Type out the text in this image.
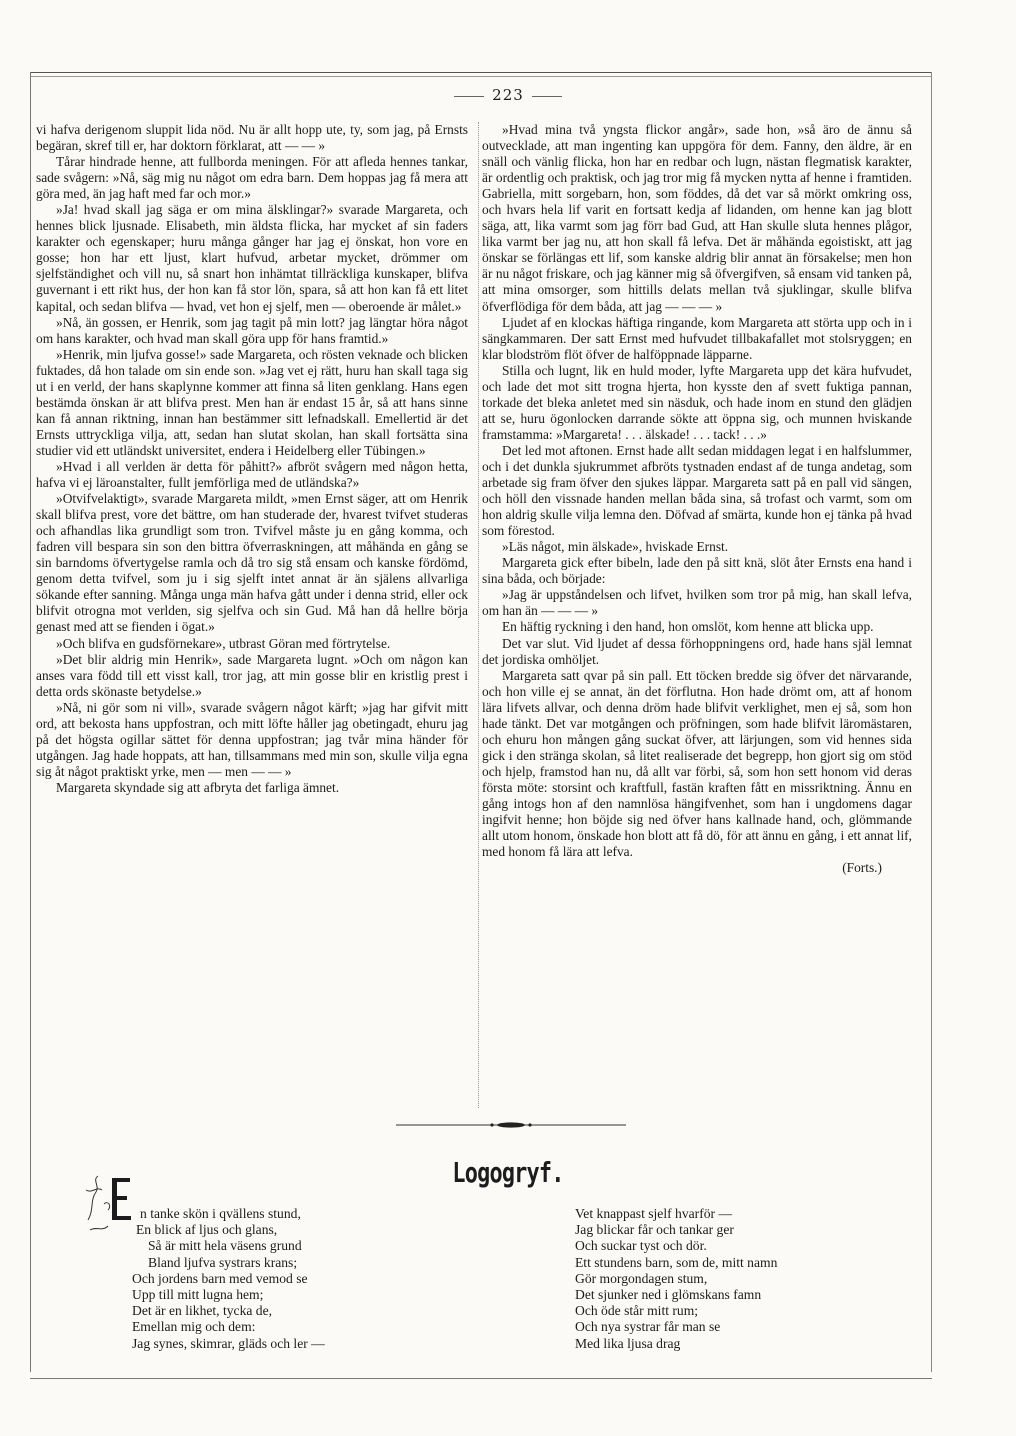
223

vi hafva derigenom sluppit lida nöd. Nu är allt hopp ute, ty, som jag, på Ernsts begäran, skref till er, har doktorn förklarat, att — — »

Tårar hindrade henne, att fullborda meningen. För att afleda hennes tankar, sade svågern: »Nå, säg mig nu något om edra barn. Dem hoppas jag få mera att göra med, än jag haft med far och mor.»

»Ja! hvad skall jag säga er om mina älsklingar?» svarade Margareta, och hennes blick ljusnade. Elisabeth, min äldsta flicka, har mycket af sin faders karakter och egenskaper; huru många gånger har jag ej önskat, hon vore en gosse; hon har ett ljust, klart hufvud, arbetar mycket, drömmer om sjelfständighet och vill nu, så snart hon inhämtat tillräckliga kunskaper, blifva guvernant i ett rikt hus, der hon kan få stor lön, spara, så att hon kan få ett litet kapital, och sedan blifva — hvad, vet hon ej sjelf, men — oberoende är målet.»

»Nå, än gossen, er Henrik, som jag tagit på min lott? jag längtar höra något om hans karakter, och hvad man skall göra upp för hans framtid.»

»Henrik, min ljufva gosse!» sade Margareta, och rösten veknade och blicken fuktades, då hon talade om sin ende son. »Jag vet ej rätt, huru han skall taga sig ut i en verld, der hans skaplynne kommer att finna så liten genklang. Hans egen bestämda önskan är att blifva prest. Men han är endast 15 år, så att hans sinne kan få annan riktning, innan han bestämmer sitt lefnadskall. Emellertid är det Ernsts uttryckliga vilja, att, sedan han slutat skolan, han skall fortsätta sina studier vid ett utländskt universitet, endera i Heidelberg eller Tübingen.»

»Hvad i all verlden är detta för påhitt?» afbröt svågern med någon hetta, hafva vi ej läroanstalter, fullt jemförliga med de utländska?»

»Otvifvelaktigt», svarade Margareta mildt, »men Ernst säger, att om Henrik skall blifva prest, vore det bättre, om han studerade der, hvarest tvifvet studeras och afhandlas lika grundligt som tron. Tvifvel måste ju en gång komma, och fadren vill bespara sin son den bittra öfverraskningen, att måhända en gång se sin barndoms öfvertygelse ramla och då tro sig stå ensam och kanske fördömd, genom detta tvifvel, som ju i sig sjelft intet annat är än själens allvarliga sökande efter sanning. Många unga män hafva gått under i denna strid, eller ock blifvit otrogna mot verlden, sig sjelfva och sin Gud. Må han då hellre börja genast med att se fienden i ögat.»

»Och blifva en gudsförnekare», utbrast Göran med förtrytelse.

»Det blir aldrig min Henrik», sade Margareta lugnt. »Och om någon kan anses vara född till ett visst kall, tror jag, att min gosse blir en kristlig prest i detta ords skönaste betydelse.»

»Nå, ni gör som ni vill», svarade svågern något kärft; »jag har gifvit mitt ord, att bekosta hans uppfostran, och mitt löfte håller jag obetingadt, ehuru jag på det högsta ogillar sättet för denna uppfostran; jag tvår mina händer för utgången. Jag hade hoppats, att han, tillsammans med min son, skulle vilja egna sig åt något praktiskt yrke, men — men — — »

Margareta skyndade sig att afbryta det farliga ämnet.

»Hvad mina två yngsta flickor angår», sade hon, »så äro de ännu så outvecklade, att man ingenting kan uppgöra för dem. Fanny, den äldre, är en snäll och vänlig flicka, hon har en redbar och lugn, nästan flegmatisk karakter, är ordentlig och praktisk, och jag tror mig få mycken nytta af henne i framtiden. Gabriella, mitt sorgebarn, hon, som föddes, då det var så mörkt omkring oss, och hvars hela lif varit en fortsatt kedja af lidanden, om henne kan jag blott säga, att, lika varmt som jag förr bad Gud, att Han skulle sluta hennes plågor, lika varmt ber jag nu, att hon skall få lefva. Det är måhända egoistiskt, att jag önskar se förlängas ett lif, som kanske aldrig blir annat än försakelse; men hon är nu något friskare, och jag känner mig så öfvergifven, så ensam vid tanken på, att mina omsorger, som hittills delats mellan två sjuklingar, skulle blifva öfverflödiga för dem båda, att jag — — — »

Ljudet af en klockas häftiga ringande, kom Margareta att störta upp och in i sängkammaren. Der satt Ernst med hufvudet tillbakafallet mot stolsryggen; en klar blodström flöt öfver de halföppnade läpparne.

Stilla och lugnt, lik en huld moder, lyfte Margareta upp det kära hufvudet, och lade det mot sitt trogna hjerta, hon kysste den af svett fuktiga pannan, torkade det bleka anletet med sin näsduk, och hade inom en stund den glädjen att se, huru ögonlocken darrande sökte att öppna sig, och munnen hviskande framstamma: »Margareta! . . . älskade! . . . tack! . . .»

Det led mot aftonen. Ernst hade allt sedan middagen legat i en halfslummer, och i det dunkla sjukrummet afbröts tystnaden endast af de tunga andetag, som arbetade sig fram öfver den sjukes läppar. Margareta satt på en pall vid sängen, och höll den vissnade handen mellan båda sina, så trofast och varmt, som om hon aldrig skulle vilja lemna den. Döfvad af smärta, kunde hon ej tänka på hvad som förestod.

»Läs något, min älskade», hviskade Ernst.

Margareta gick efter bibeln, lade den på sitt knä, slöt åter Ernsts ena hand i sina båda, och började:

»Jag är uppståndelsen och lifvet, hvilken som tror på mig, han skall lefva, om han än — — — »

En häftig ryckning i den hand, hon omslöt, kom henne att blicka upp.

Det var slut. Vid ljudet af dessa förhoppningens ord, hade hans själ lemnat det jordiska omhöljet.

Margareta satt qvar på sin pall. Ett töcken bredde sig öfver det närvarande, och hon ville ej se annat, än det förflutna. Hon hade drömt om, att af honom lära lifvets allvar, och denna dröm hade blifvit verklighet, men ej så, som hon hade tänkt. Det var motgången och pröfningen, som hade blifvit läromästaren, och ehuru hon mången gång suckat öfver, att lärjungen, som vid hennes sida gick i den stränga skolan, så litet realiserade det begrepp, hon gjort sig om stöd och hjelp, framstod han nu, då allt var förbi, så, som hon sett honom vid deras första möte: storsint och kraftfull, fastän kraften fått en missriktning. Ännu en gång intogs hon af den namnlösa hängifvenhet, som han i ungdomens dagar ingifvit henne; hon böjde sig ned öfver hans kallnade hand, och, glömmande allt utom honom, önskade hon blott att få dö, för att ännu en gång, i ett annat lif, med honom få lära att lefva.

(Forts.)
Logogryf.
n tanke skön i qvällens stund,
En blick af ljus och glans,
Så är mitt hela väsens grund
Bland ljufva systrars krans;
Och jordens barn med vemod se
Upp till mitt lugna hem;
Det är en likhet, tycka de,
Emellan mig och dem:
Jag synes, skimrar, gläds och ler —
Vet knappast sjelf hvarför —
Jag blickar får och tankar ger
Och suckar tyst och dör.
Ett stundens barn, som de, mitt namn
Gör morgondagen stum,
Det sjunker ned i glömskans famn
Och öde står mitt rum;
Och nya systrar får man se
Med lika ljusa drag
